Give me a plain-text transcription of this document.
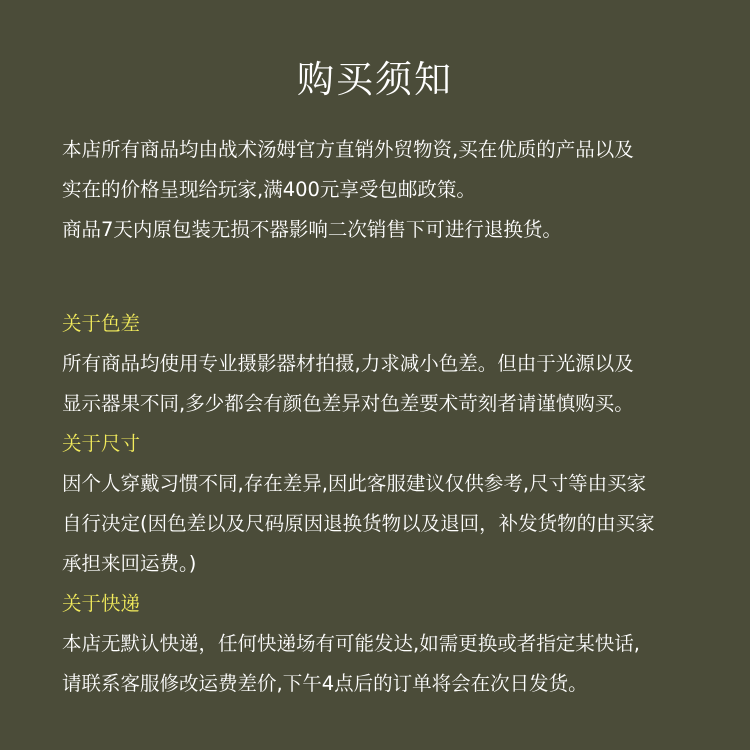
购买须知
本店所有商品均由战术汤姆官方直销外贸物资,买在优质的产品以及
实在的价格呈现给玩家,满400元享受包邮政策。
商品7天内原包装无损不器影响二次销售下可进行退换货。
关于色差
所有商品均使用专业摄影器材拍摄,力求减小色差。但由于光源以及
显示器果不同,多少都会有颜色差异对色差要术苛刻者请谨慎购买。
关于尺寸
因个人穿戴习惯不同,存在差异,因此客服建议仅供参考,尺寸等由买家
自行决定(因色差以及尺码原因退换货物以及退回，补发货物的由买家
承担来回运费。)
关于快递
本店无默认快递，任何快递场有可能发达,如需更换或者指定某快话,
请联系客服修改运费差价,下午4点后的订单将会在次日发货。
